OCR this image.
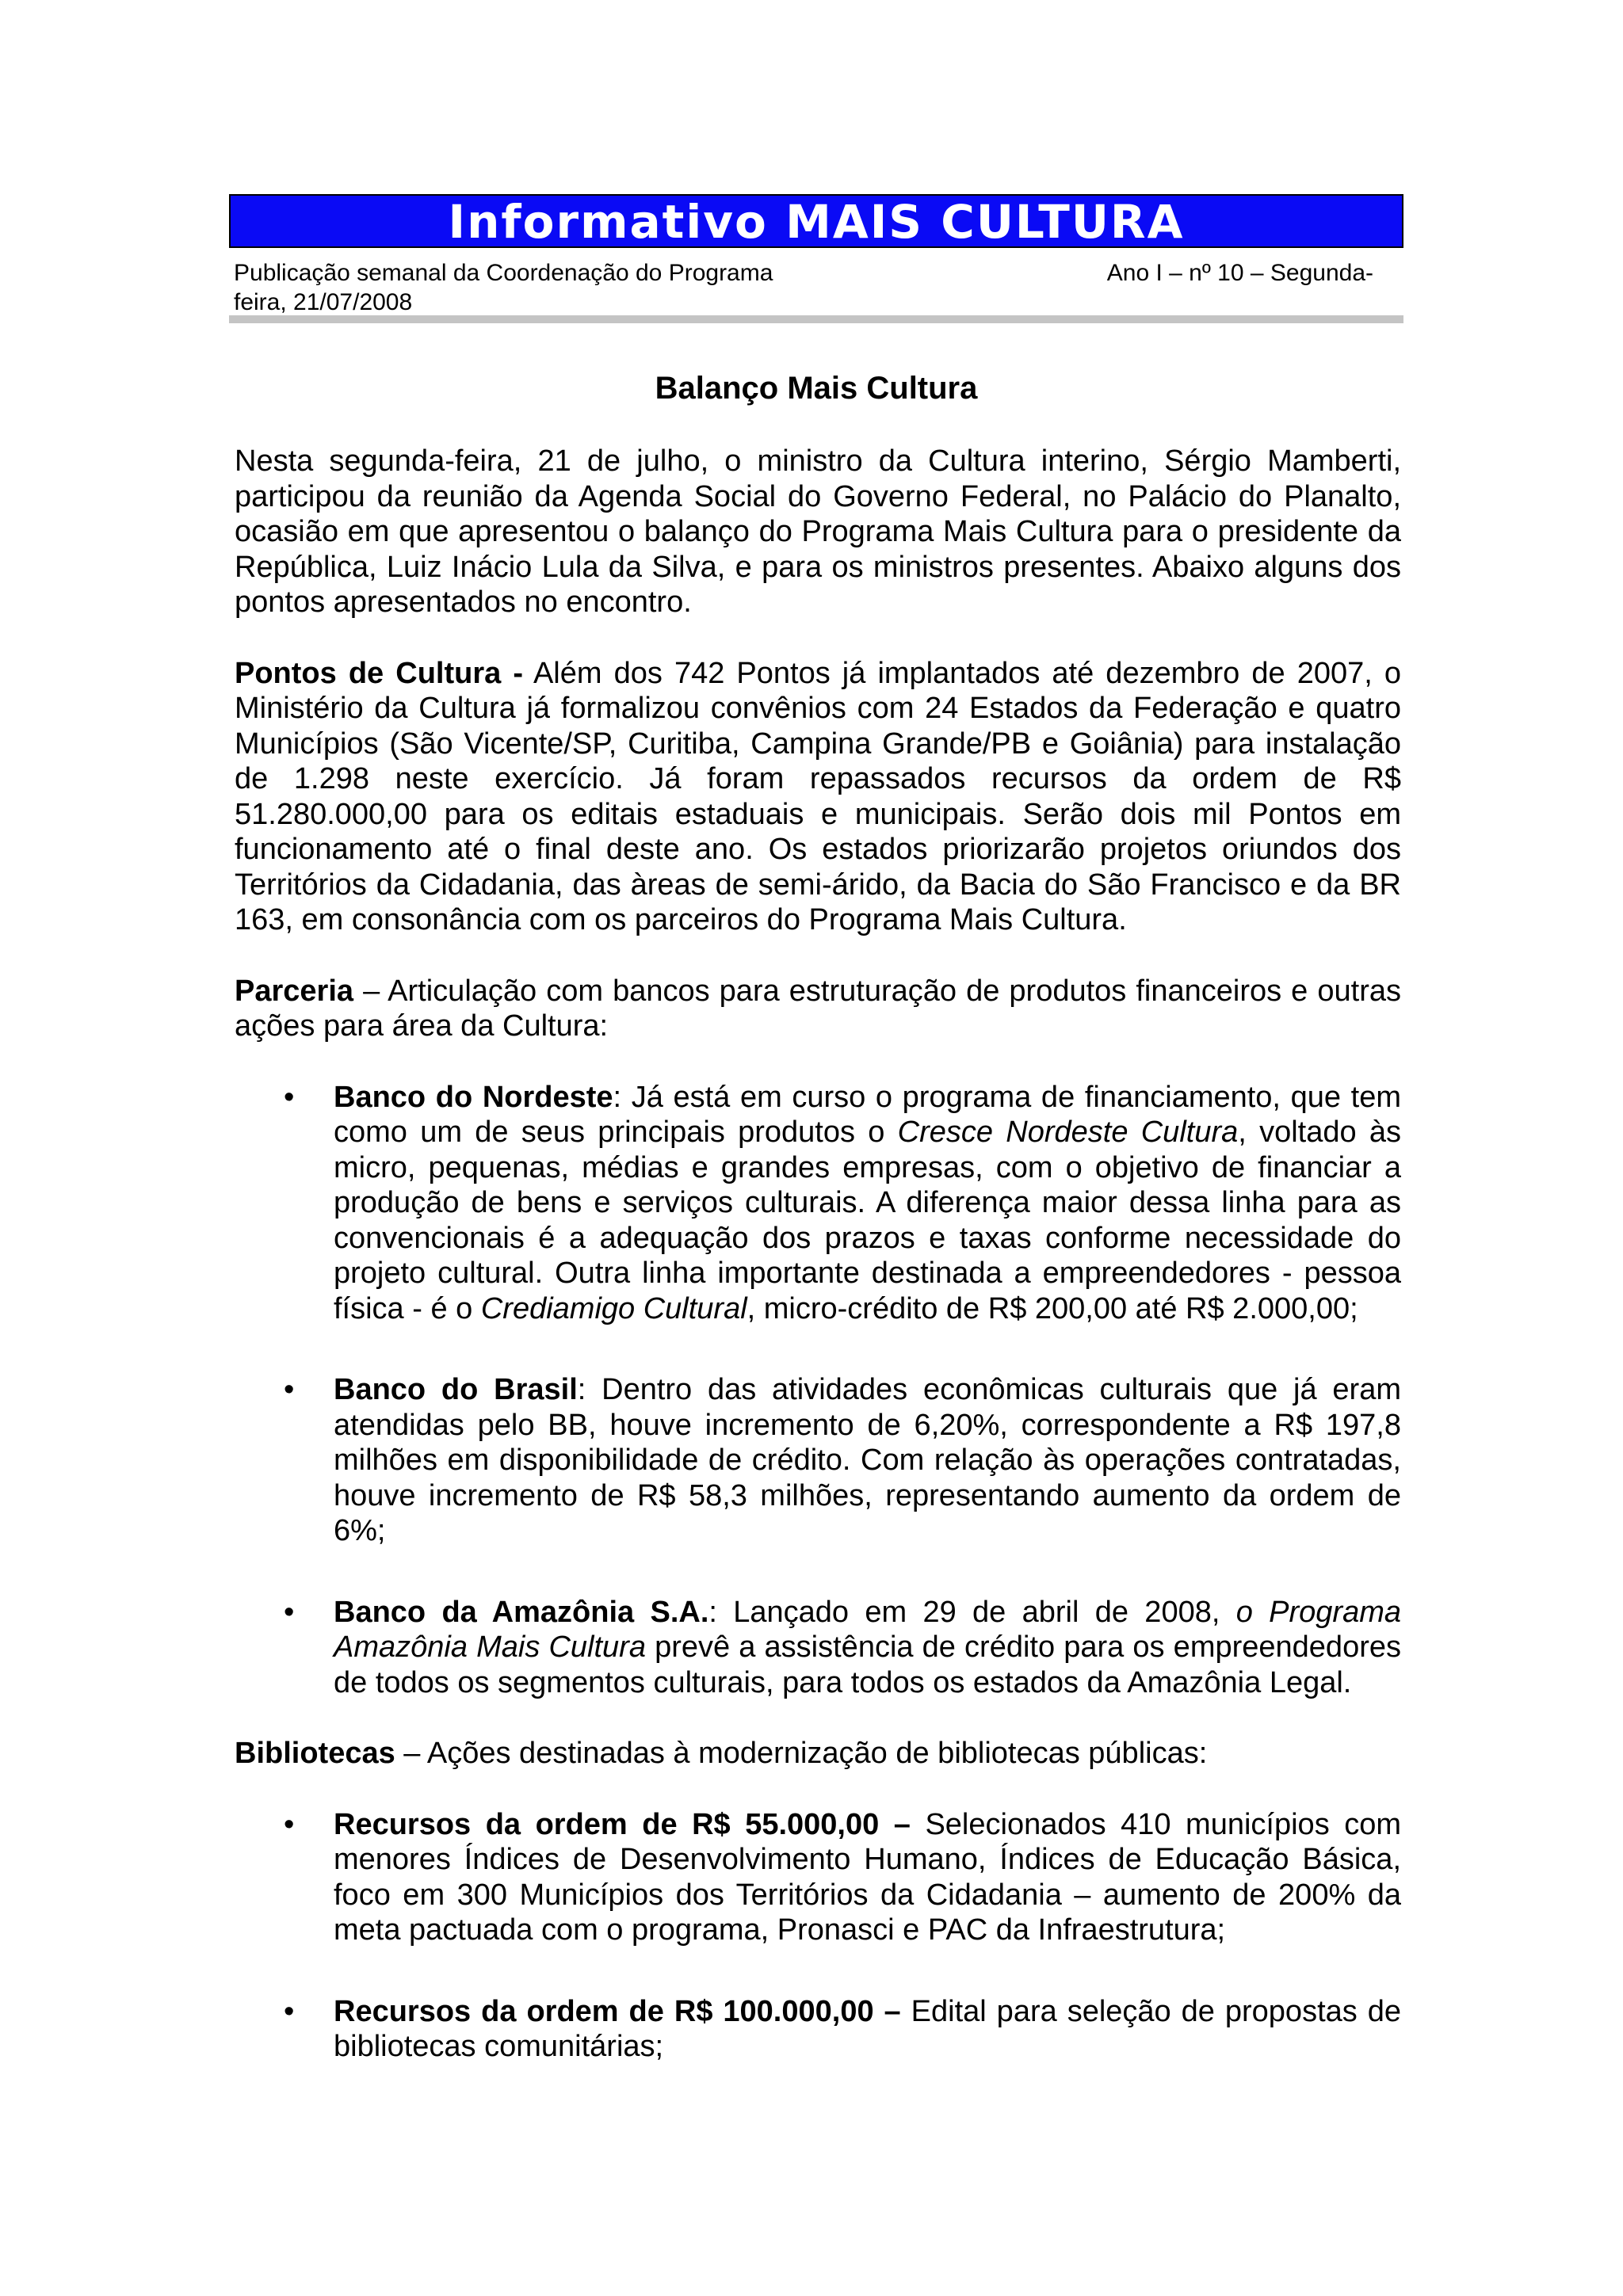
Informativo MAIS CULTURA
Ano I – nº 10 – Segunda-
Publicação semanal da Coordenação do Programa
feira, 21/07/2008
Balanço Mais Cultura

Nesta segunda-feira, 21 de julho, o ministro da Cultura interino, Sérgio Mamberti, participou da reunião da Agenda Social do Governo Federal, no Palácio do Planalto, ocasião em que apresentou o balanço do Programa Mais Cultura para o presidente da República, Luiz Inácio Lula da Silva, e para os ministros presentes. Abaixo alguns dos pontos apresentados no encontro.

Pontos de Cultura - Além dos 742 Pontos já implantados até dezembro de 2007, o Ministério da Cultura já formalizou convênios com 24 Estados da Federação e quatro Municípios (São Vicente/SP, Curitiba, Campina Grande/PB e Goiânia) para instalação de 1.298 neste exercício. Já foram repassados recursos da ordem de R$ 51.280.000,00 para os editais estaduais e municipais. Serão dois mil Pontos em funcionamento até o final deste ano. Os estados priorizarão projetos oriundos dos Territórios da Cidadania, das àreas de semi-árido, da Bacia do São Francisco e da BR 163, em consonância com os parceiros do Programa Mais Cultura.

Parceria – Articulação com bancos para estruturação de produtos financeiros e outras ações para área da Cultura:

• Banco do Nordeste: Já está em curso o programa de financiamento, que tem como um de seus principais produtos o Cresce Nordeste Cultura, voltado às micro, pequenas, médias e grandes empresas, com o objetivo de financiar a produção de bens e serviços culturais. A diferença maior dessa linha para as convencionais é a adequação dos prazos e taxas conforme necessidade do projeto cultural. Outra linha importante destinada a empreendedores - pessoa física - é o Crediamigo Cultural, micro-crédito de R$ 200,00 até R$ 2.000,00;
• Banco do Brasil: Dentro das atividades econômicas culturais que já eram atendidas pelo BB, houve incremento de 6,20%, correspondente a R$ 197,8 milhões em disponibilidade de crédito. Com relação às operações contratadas, houve incremento de R$ 58,3 milhões, representando aumento da ordem de 6%;
• Banco da Amazônia S.A.: Lançado em 29 de abril de 2008, o Programa Amazônia Mais Cultura prevê a assistência de crédito para os empreendedores de todos os segmentos culturais, para todos os estados da Amazônia Legal.

Bibliotecas – Ações destinadas à modernização de bibliotecas públicas:

• Recursos da ordem de R$ 55.000,00 – Selecionados 410 municípios com menores Índices de Desenvolvimento Humano, Índices de Educação Básica, foco em 300 Municípios dos Territórios da Cidadania – aumento de 200% da meta pactuada com o programa, Pronasci e PAC da Infraestrutura;
• Recursos da ordem de R$ 100.000,00 – Edital para seleção de propostas de bibliotecas comunitárias;
